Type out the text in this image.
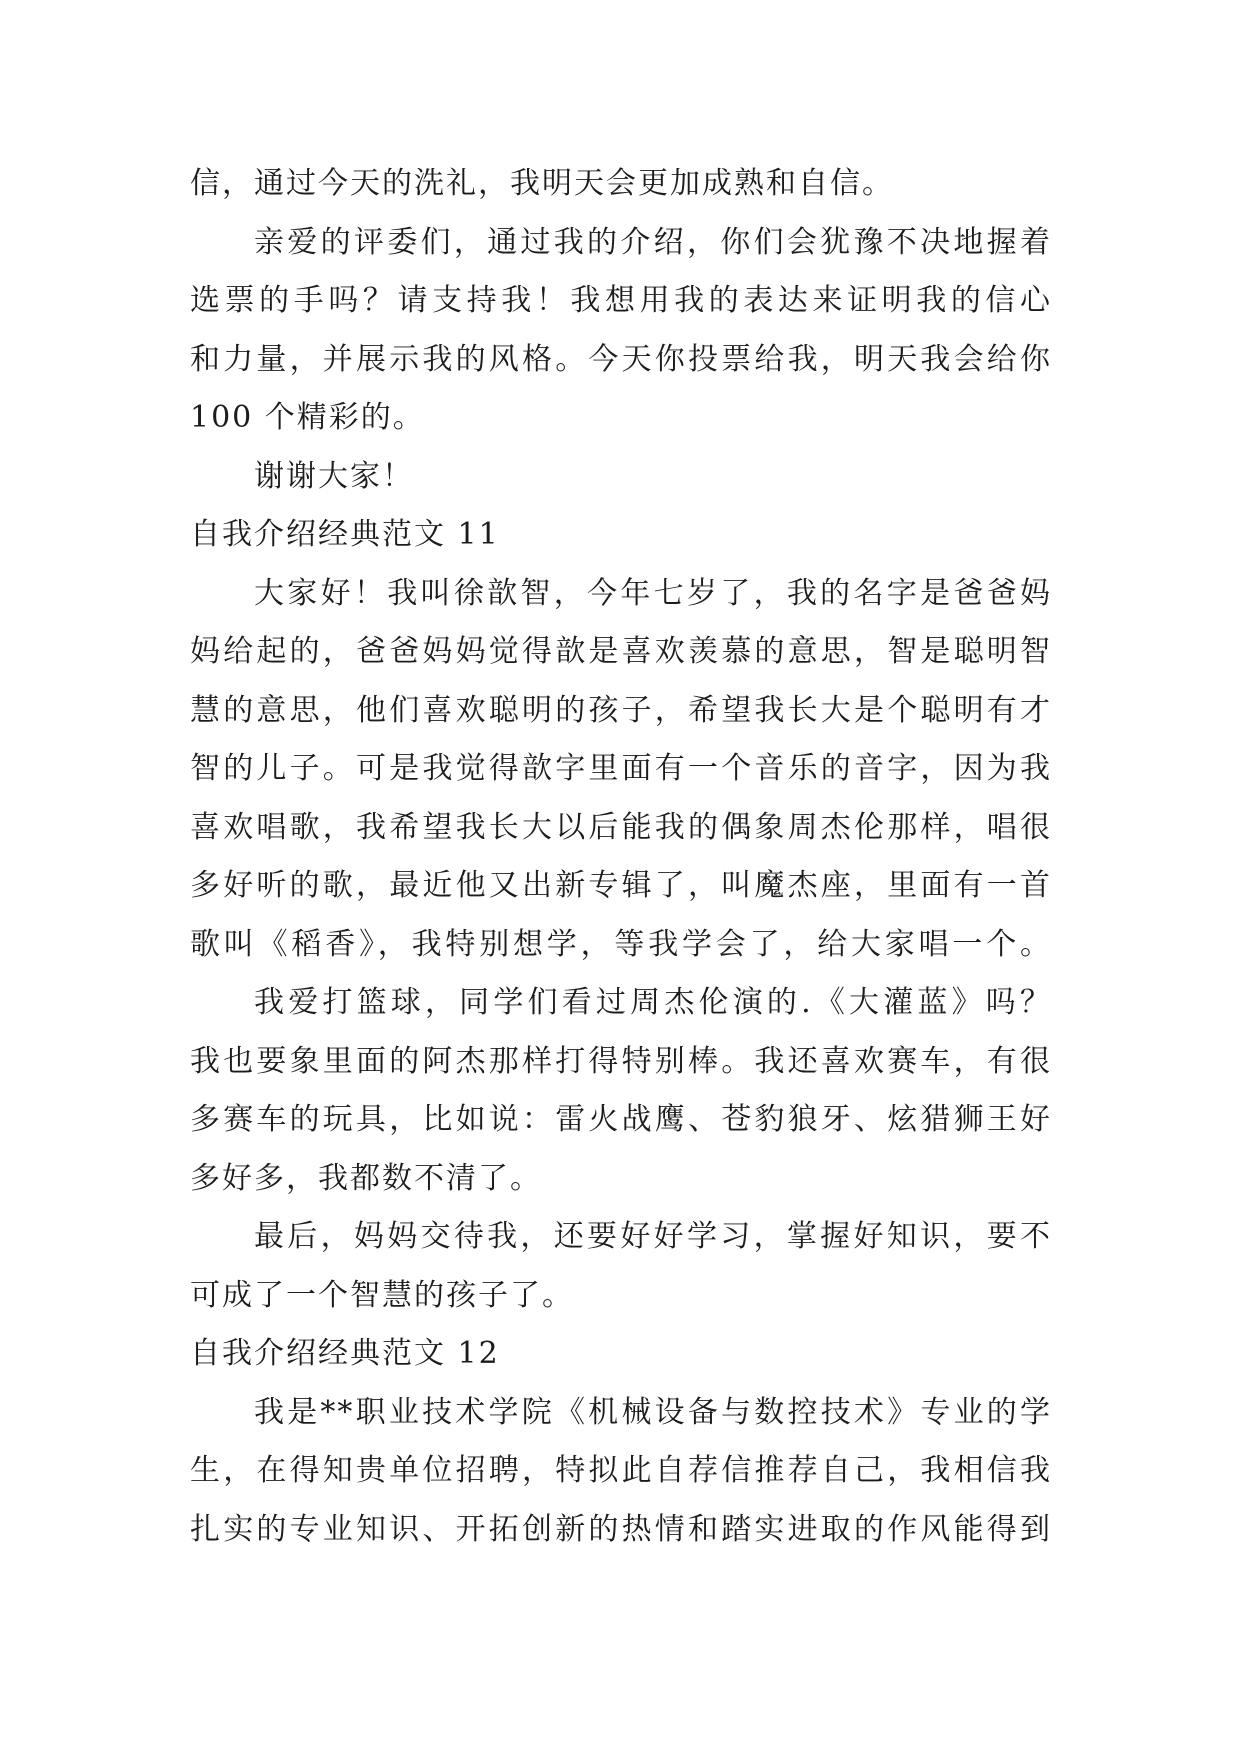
信，通过今天的洗礼，我明天会更加成熟和自信。
亲爱的评委们，通过我的介绍，你们会犹豫不决地握着
选票的手吗？请支持我！我想用我的表达来证明我的信心
和力量，并展示我的风格。今天你投票给我，明天我会给你
100 个精彩的。
谢谢大家！
自我介绍经典范文 11
大家好！我叫徐歆智，今年七岁了，我的名字是爸爸妈
妈给起的，爸爸妈妈觉得歆是喜欢羡慕的意思，智是聪明智
慧的意思，他们喜欢聪明的孩子，希望我长大是个聪明有才
智的儿子。可是我觉得歆字里面有一个音乐的音字，因为我
喜欢唱歌，我希望我长大以后能我的偶象周杰伦那样，唱很
多好听的歌，最近他又出新专辑了，叫魔杰座，里面有一首
歌叫《稻香》，我特别想学，等我学会了，给大家唱一个。
我爱打篮球，同学们看过周杰伦演的.《大灌蓝》吗？
我也要象里面的阿杰那样打得特别棒。我还喜欢赛车，有很
多赛车的玩具，比如说：雷火战鹰、苍豹狼牙、炫猎狮王好
多好多，我都数不清了。
最后，妈妈交待我，还要好好学习，掌握好知识，要不
可成了一个智慧的孩子了。
自我介绍经典范文 12
我是**职业技术学院《机械设备与数控技术》专业的学
生，在得知贵单位招聘，特拟此自荐信推荐自己，我相信我
扎实的专业知识、开拓创新的热情和踏实进取的作风能得到
